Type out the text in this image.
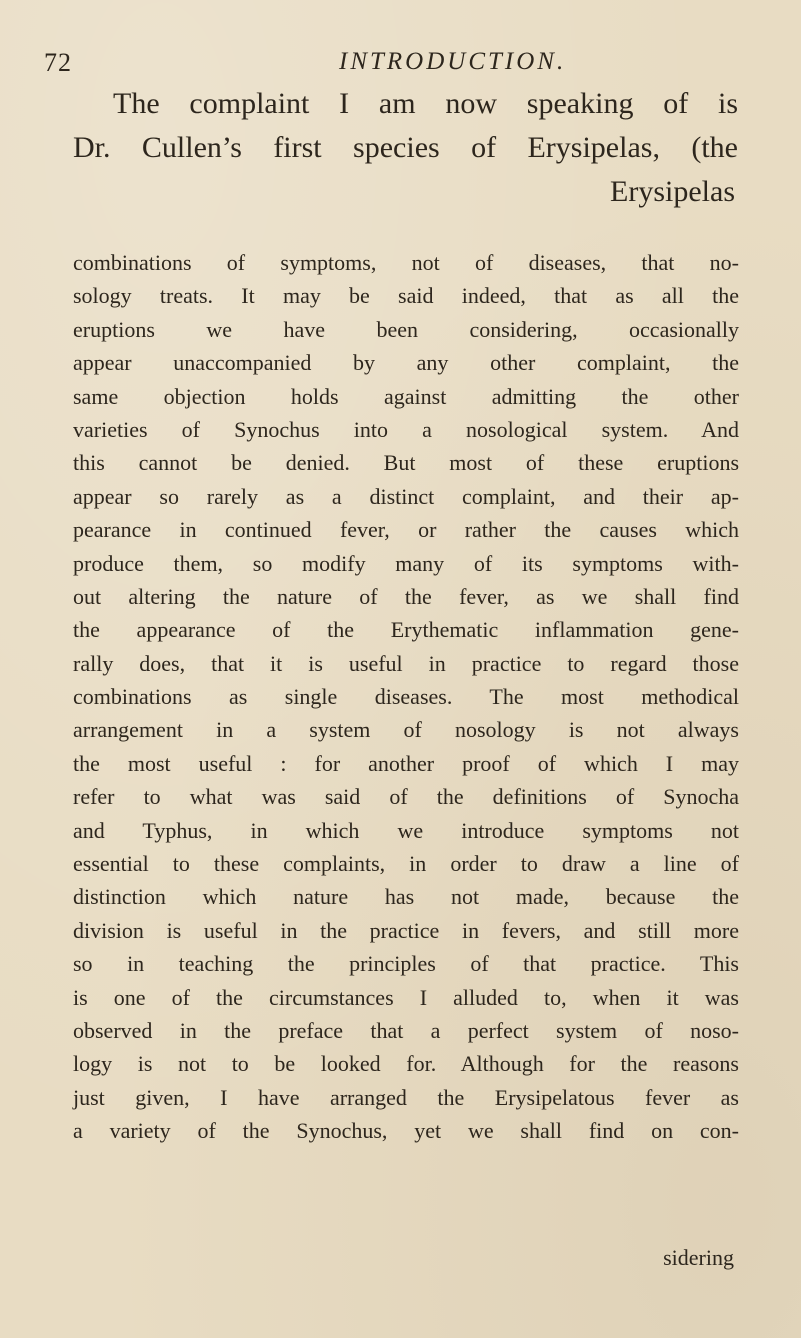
72	INTRODUCTION.
The complaint I am now speaking of is
Dr. Cullen’s first species of Erysipelas, (the
Erysipelas
combinations of symptoms, not of diseases, that no-
sology treats. It may be said indeed, that as all the
eruptions we have been considering, occasionally
appear unaccompanied by any other complaint, the
same objection holds against admitting the other
varieties of Synochus into a nosological system. And
this cannot be denied. But most of these eruptions
appear so rarely as a distinct complaint, and their ap-
pearance in continued fever, or rather the causes which
produce them, so modify many of its symptoms with-
out altering the nature of the fever, as we shall find
the appearance of the Erythematic inflammation gene-
rally does, that it is useful in practice to regard those
combinations as single diseases. The most methodical
arrangement in a system of nosology is not always
the most useful : for another proof of which I may
refer to what was said of the definitions of Synocha
and Typhus, in which we introduce symptoms not
essential to these complaints, in order to draw a line of
distinction which nature has not made, because the
division is useful in the practice in fevers, and still more
so in teaching the principles of that practice. This
is one of the circumstances I alluded to, when it was
observed in the preface that a perfect system of noso-
logy is not to be looked for. Although for the reasons
just given, I have arranged the Erysipelatous fever as
a variety of the Synochus, yet we shall find on con-
sidering
